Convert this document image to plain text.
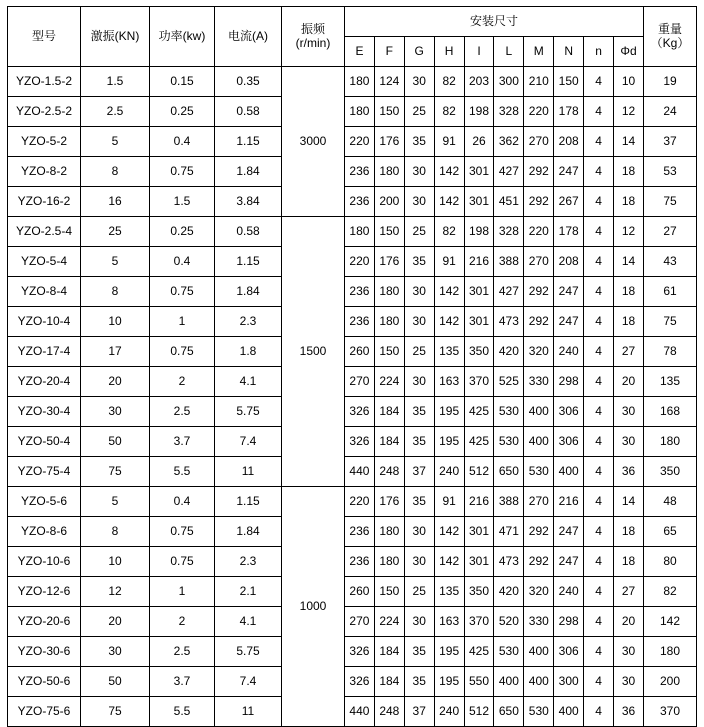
型号	激振(KN)	功率(kw)	电流(A)	振频
(r/min)	安装尺寸										重量（Kg）
					E	F	G	H	I	L	M	N	n	Φd	
YZO-1.5-2	1.5	0.15	0.35	3000	180	124	30	82	203	300	210	150	4	10	19
YZO-2.5-2	2.5	0.25	0.58		180	150	25	82	198	328	220	178	4	12	24
YZO-5-2	5	0.4	1.15		220	176	35	91	26	362	270	208	4	14	37
YZO-8-2	8	0.75	1.84		236	180	30	142	301	427	292	247	4	18	53
YZO-16-2	16	1.5	3.84		236	200	30	142	301	451	292	267	4	18	75
YZO-2.5-4	25	0.25	0.58	1500	180	150	25	82	198	328	220	178	4	12	27
YZO-5-4	5	0.4	1.15		220	176	35	91	216	388	270	208	4	14	43
YZO-8-4	8	0.75	1.84		236	180	30	142	301	427	292	247	4	18	61
YZO-10-4	10	1	2.3		236	180	30	142	301	473	292	247	4	18	75
YZO-17-4	17	0.75	1.8		260	150	25	135	350	420	320	240	4	27	78
YZO-20-4	20	2	4.1		270	224	30	163	370	525	330	298	4	20	135
YZO-30-4	30	2.5	5.75		326	184	35	195	425	530	400	306	4	30	168
YZO-50-4	50	3.7	7.4		326	184	35	195	425	530	400	306	4	30	180
YZO-75-4	75	5.5	11		440	248	37	240	512	650	530	400	4	36	350
YZO-5-6	5	0.4	1.15	1000	220	176	35	91	216	388	270	216	4	14	48
YZO-8-6	8	0.75	1.84		236	180	30	142	301	471	292	247	4	18	65
YZO-10-6	10	0.75	2.3		236	180	30	142	301	473	292	247	4	18	80
YZO-12-6	12	1	2.1		260	150	25	135	350	420	320	240	4	27	82
YZO-20-6	20	2	4.1		270	224	30	163	370	520	330	298	4	20	142
YZO-30-6	30	2.5	5.75		326	184	35	195	425	530	400	306	4	30	180
YZO-50-6	50	3.7	7.4		326	184	35	195	550	400	400	300	4	30	200
YZO-75-6	75	5.5	11		440	248	37	240	512	650	530	400	4	36	370
